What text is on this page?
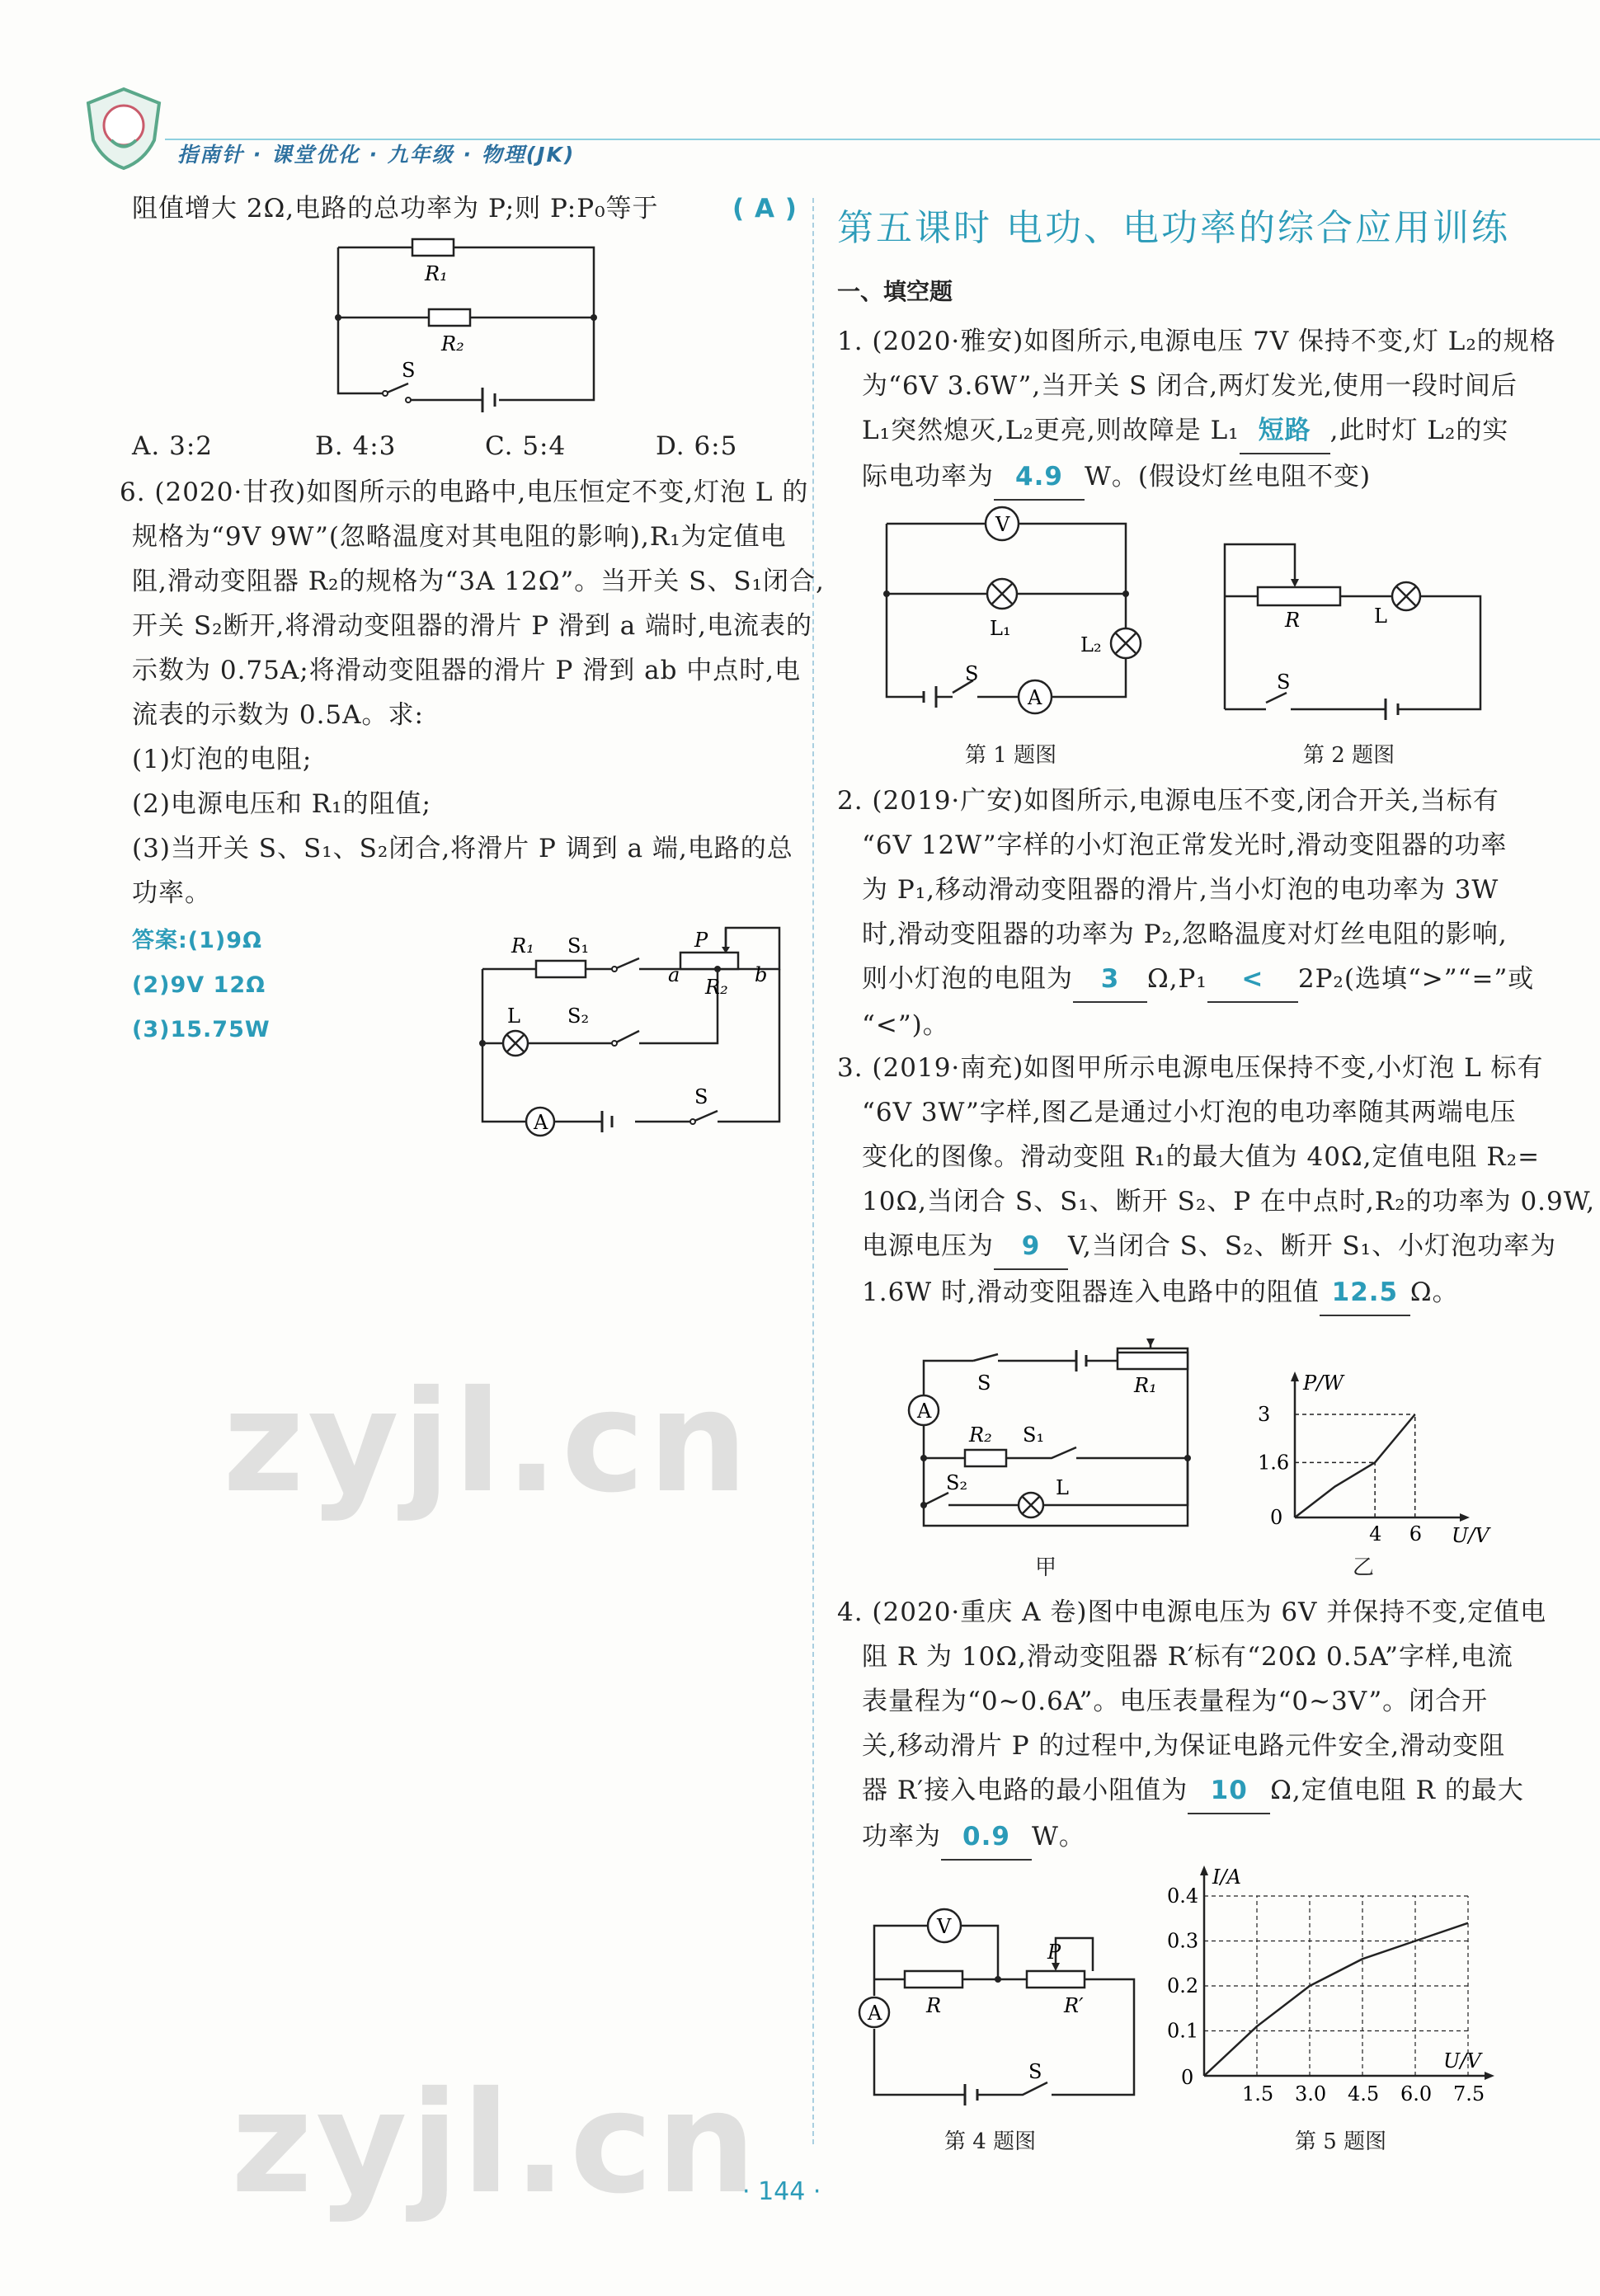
指南针 · 课堂优化 · 九年级 · 物理(JK)
阻值增大 2Ω,电路的总功率为 P;则 P:P₀等于	( A )
R₁
R₂
S
A. 3:2	B. 4:3	C. 5:4	D. 6:5
6. (2020·甘孜)如图所示的电路中,电压恒定不变,灯泡 L 的
规格为“9V 9W”(忽略温度对其电阻的影响),R₁为定值电
阻,滑动变阻器 R₂的规格为“3A 12Ω”。当开关 S、S₁闭合,
开关 S₂断开,将滑动变阻器的滑片 P 滑到 a 端时,电流表的
示数为 0.75A;将滑动变阻器的滑片 P 滑到 ab 中点时,电
流表的示数为 0.5A。求:
(1)灯泡的电阻;
(2)电源电压和 R₁的阻值;
(3)当开关 S、S₁、S₂闭合,将滑片 P 调到 a 端,电路的总
功率。
答案:(1)9Ω
(2)9V 12Ω
(3)15.75W
R₁ S₁	P
a	b
R₂
L S₂
A
S
zyjl.cn
zyjl.cn
第五课时 电功、电功率的综合应用训练
一、填空题
1. (2020·雅安)如图所示,电源电压 7V 保持不变,灯 L₂的规格
为“6V 3.6W”,当开关 S 闭合,两灯发光,使用一段时间后
L₁突然熄灭,L₂更亮,则故障是 L₁ 短路 ,此时灯 L₂的实
际电功率为 4.9 W。(假设灯丝电阻不变)
V
L₁
L₂
S
A
第 1 题图
R	L
S
第 2 题图
2. (2019·广安)如图所示,电源电压不变,闭合开关,当标有
“6V 12W”字样的小灯泡正常发光时,滑动变阻器的功率
为 P₁,移动滑动变阻器的滑片,当小灯泡的电功率为 3W
时,滑动变阻器的功率为 P₂,忽略温度对灯丝电阻的影响,
则小灯泡的电阻为 3 Ω,P₁ < 2P₂(选填“>”“=”或
“<”)。
3. (2019·南充)如图甲所示电源电压保持不变,小灯泡 L 标有
“6V 3W”字样,图乙是通过小灯泡的电功率随其两端电压
变化的图像。滑动变阻 R₁的最大值为 40Ω,定值电阻 R₂=
10Ω,当闭合 S、S₁、断开 S₂、P 在中点时,R₂的功率为 0.9W,
电源电压为 9 V,当闭合 S、S₂、断开 S₁、小灯泡功率为
1.6W 时,滑动变阻器连入电路中的阻值 12.5 Ω。
S	R₁
A
R₂ S₁
S₂	L
甲
4 6
1.6
3
0
U/V
P/W
乙
4. (2020·重庆 A 卷)图中电源电压为 6V 并保持不变,定值电
阻 R 为 10Ω,滑动变阻器 R′标有“20Ω 0.5A”字样,电流
表量程为“0~0.6A”。电压表量程为“0~3V”。闭合开
关,移动滑片 P 的过程中,为保证电路元件安全,滑动变阻
器 R′接入电路的最小阻值为 10 Ω,定值电阻 R 的最大
功率为 0.9 W。
V
P
R	R′
A
S
第 4 题图
1.5 3.0 4.5 6.0 7.5
0.1
0.2
0.3
0.4
0
U/V
I/A
第 5 题图
· 144 ·
